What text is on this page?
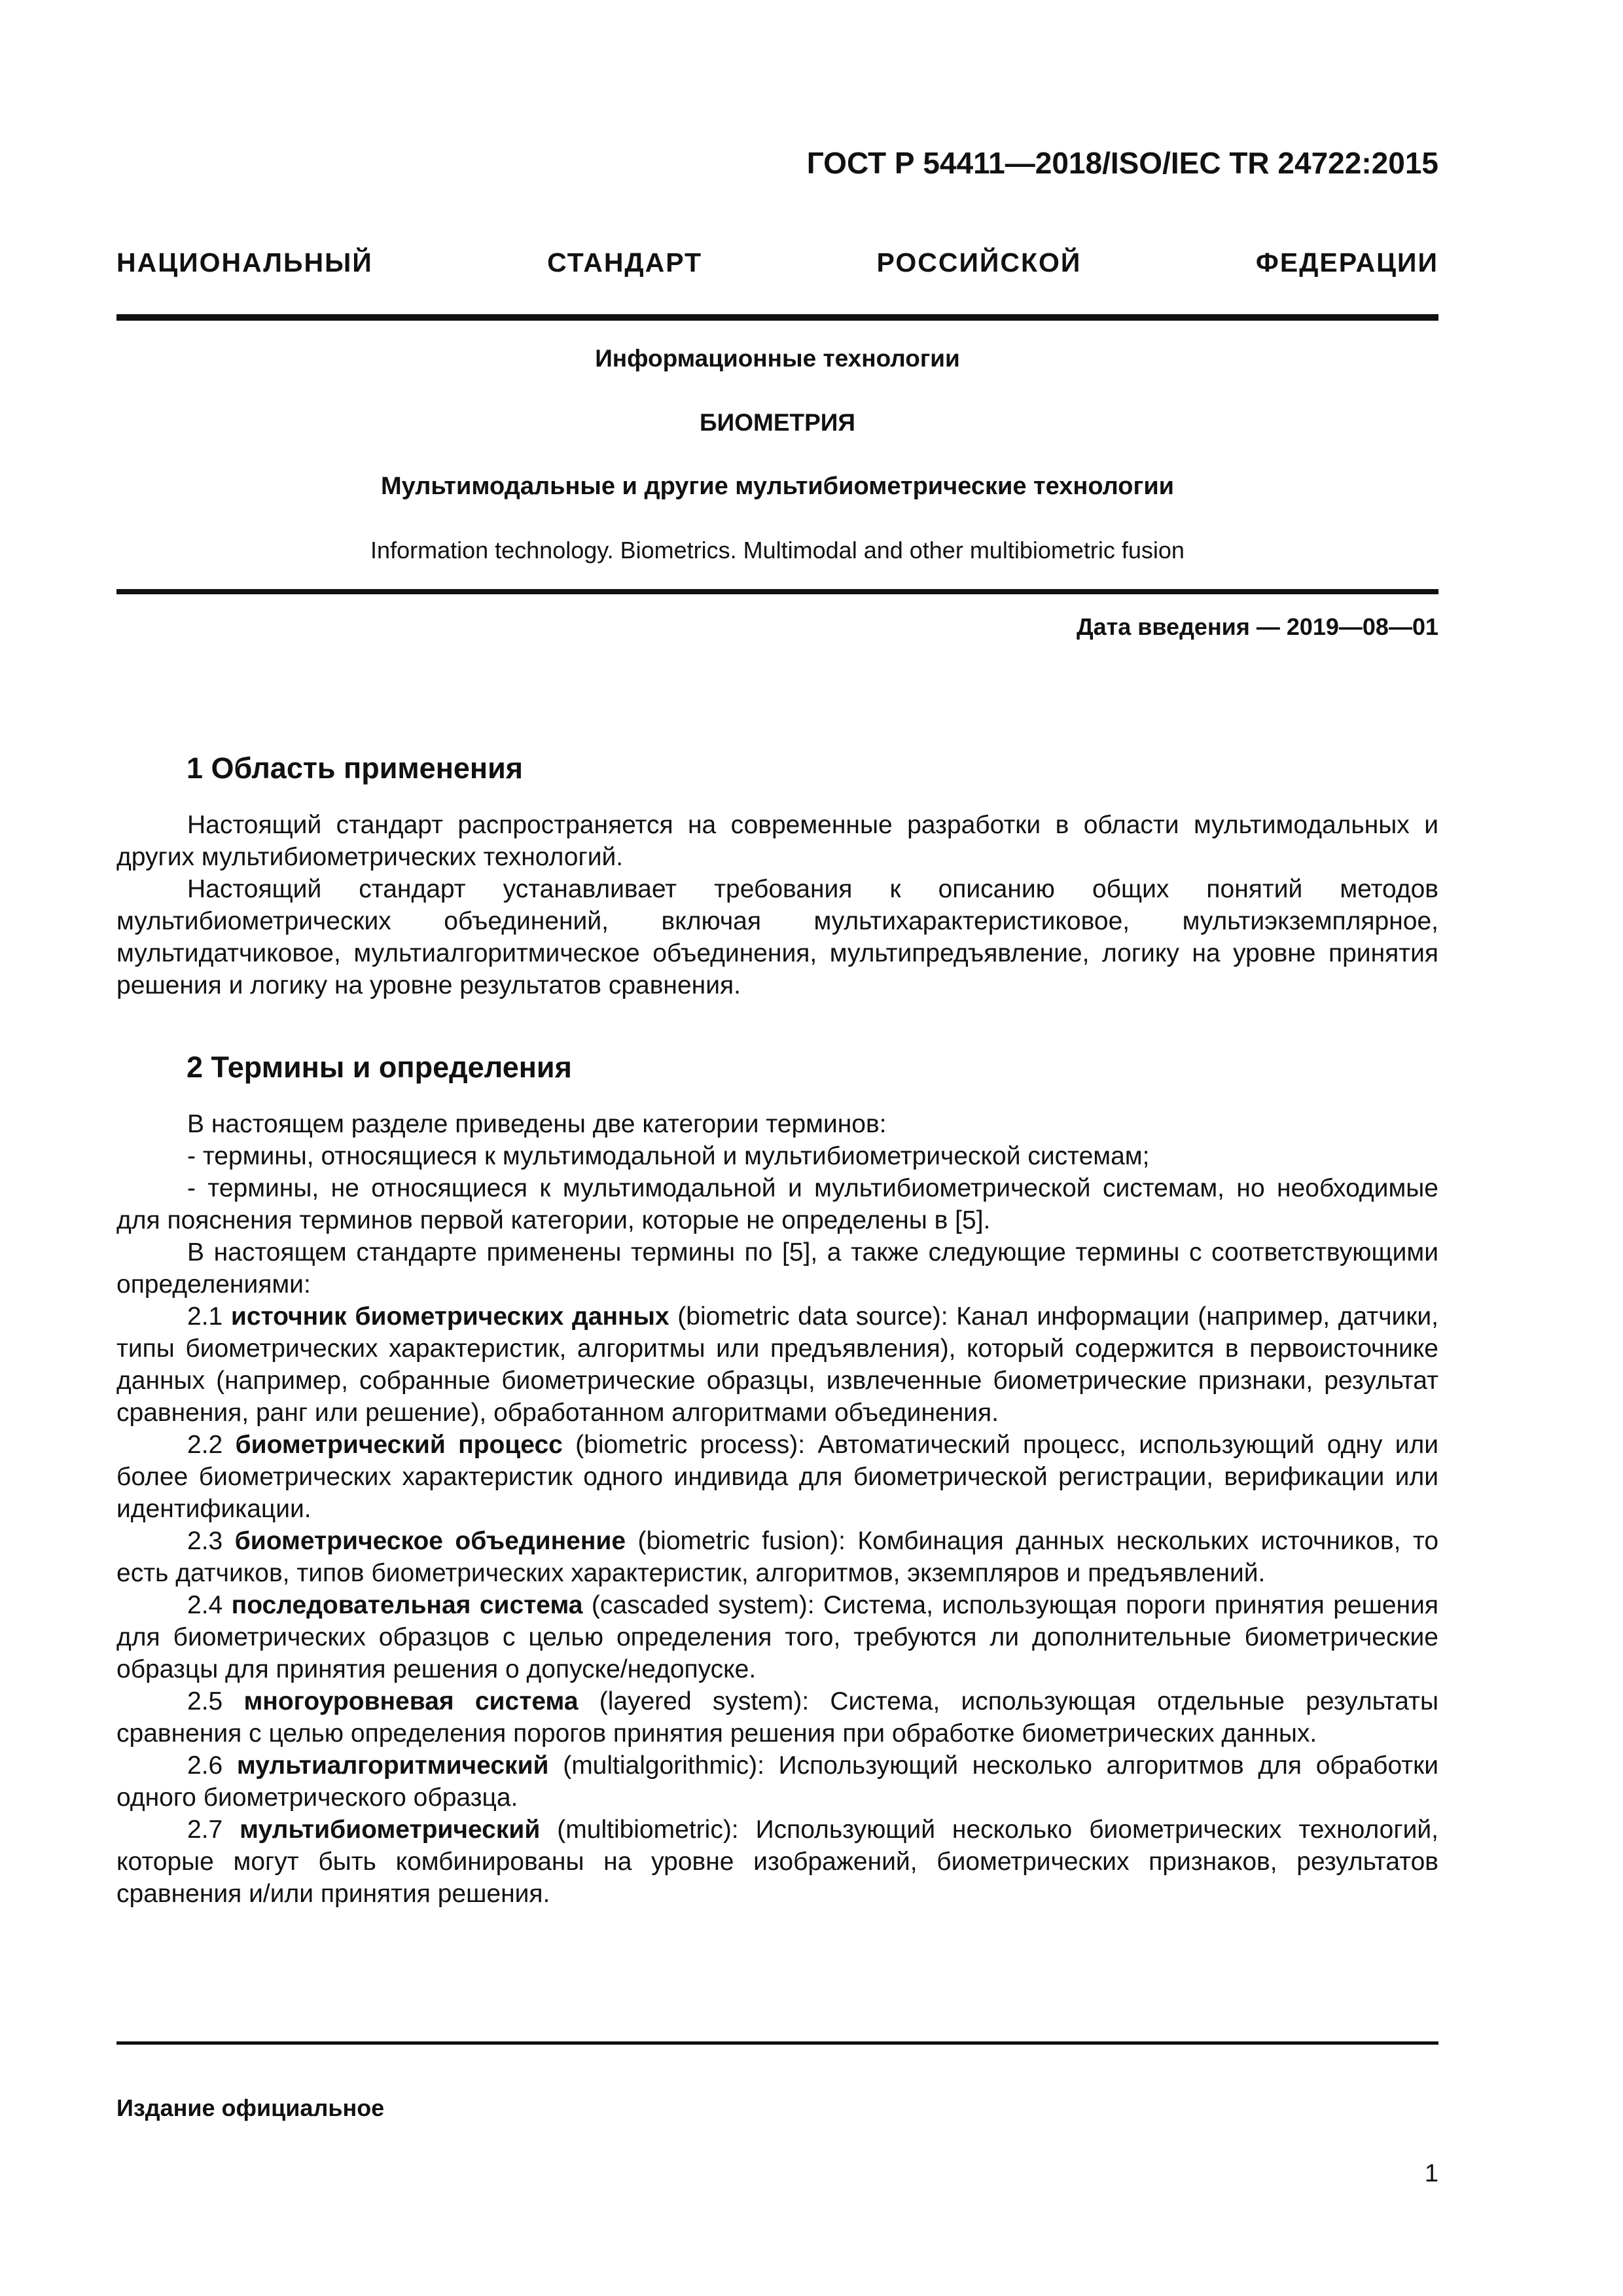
ГОСТ Р 54411—2018/ISO/IEC TR 24722:2015
НАЦИОНАЛЬНЫЙ СТАНДАРТ РОССИЙСКОЙ ФЕДЕРАЦИИ
Информационные технологии
БИОМЕТРИЯ
Мультимодальные и другие мультибиометрические технологии
Information technology. Biometrics. Multimodal and other multibiometric fusion
Дата введения — 2019—08—01
1 Область применения

Настоящий стандарт распространяется на современные разработки в области мультимодальных и других мультибиометрических технологий.

Настоящий стандарт устанавливает требования к описанию общих понятий методов мультибиометрических объединений, включая мультихарактеристиковое, мультиэкземплярное, мультидатчиковое, мультиалгоритмическое объединения, мультипредъявление, логику на уровне принятия решения и логику на уровне результатов сравнения.

2 Термины и определения

В настоящем разделе приведены две категории терминов:

- термины, относящиеся к мультимодальной и мультибиометрической системам;

- термины, не относящиеся к мультимодальной и мультибиометрической системам, но необходимые для пояснения терминов первой категории, которые не определены в [5].

В настоящем стандарте применены термины по [5], а также следующие термины с соответствующими определениями:

2.1 источник биометрических данных (biometric data source): Канал информации (например, датчики, типы биометрических характеристик, алгоритмы или предъявления), который содержится в первоисточнике данных (например, собранные биометрические образцы, извлеченные биометрические признаки, результат сравнения, ранг или решение), обработанном алгоритмами объединения.

2.2 биометрический процесс (biometric process): Автоматический процесс, использующий одну или более биометрических характеристик одного индивида для биометрической регистрации, верификации или идентификации.

2.3 биометрическое объединение (biometric fusion): Комбинация данных нескольких источников, то есть датчиков, типов биометрических характеристик, алгоритмов, экземпляров и предъявлений.

2.4 последовательная система (cascaded system): Система, использующая пороги принятия решения для биометрических образцов с целью определения того, требуются ли дополнительные биометрические образцы для принятия решения о допуске/недопуске.

2.5 многоуровневая система (layered system): Система, использующая отдельные результаты сравнения с целью определения порогов принятия решения при обработке биометрических данных.

2.6 мультиалгоритмический (multialgorithmic): Использующий несколько алгоритмов для обработки одного биометрического образца.

2.7 мультибиометрический (multibiometric): Использующий несколько биометрических технологий, которые могут быть комбинированы на уровне изображений, биометрических признаков, результатов сравнения и/или принятия решения.

Издание официальное
1
